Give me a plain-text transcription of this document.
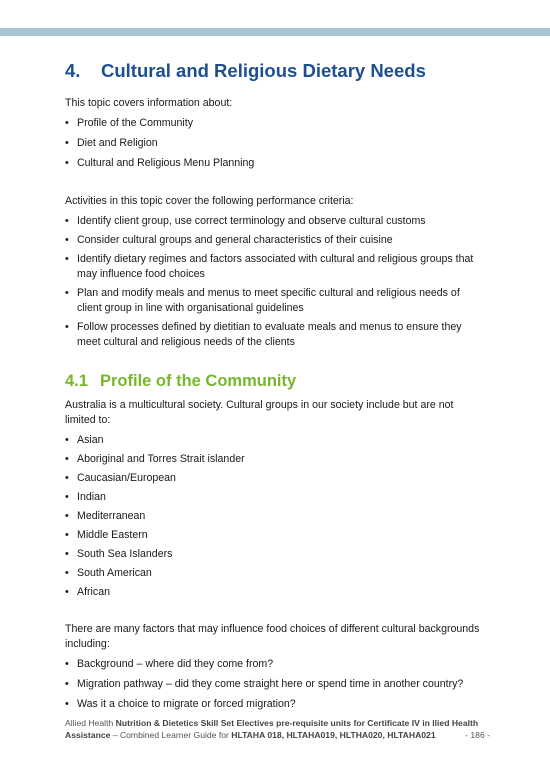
4. Cultural and Religious Dietary Needs

This topic covers information about:

• Profile of the Community
• Diet and Religion
• Cultural and Religious Menu Planning

Activities in this topic cover the following performance criteria:

• Identify client group, use correct terminology and observe cultural customs
• Consider cultural groups and general characteristics of their cuisine
• Identify dietary regimes and factors associated with cultural and religious groups that may influence food choices
• Plan and modify meals and menus to meet specific cultural and religious needs of client group in line with organisational guidelines
• Follow processes defined by dietitian to evaluate meals and menus to ensure they meet cultural and religious needs of the clients
4.1 Profile of the Community

Australia is a multicultural society. Cultural groups in our society include but are not limited to:

• Asian
• Aboriginal and Torres Strait islander
• Caucasian/European
• Indian
• Mediterranean
• Middle Eastern
• South Sea Islanders
• South American
• African

There are many factors that may influence food choices of different cultural backgrounds including:

• Background – where did they come from?
• Migration pathway – did they come straight here or spend time in another country?
• Was it a choice to migrate or forced migration?
Allied Health Nutrition & Dietetics Skill Set Electives pre-requisite units for Certificate IV in llied Health Assistance – Combined Learner Guide for HLTAHA 018, HLTAHA019, HLTHA020, HLTAHA021	- 186 -
